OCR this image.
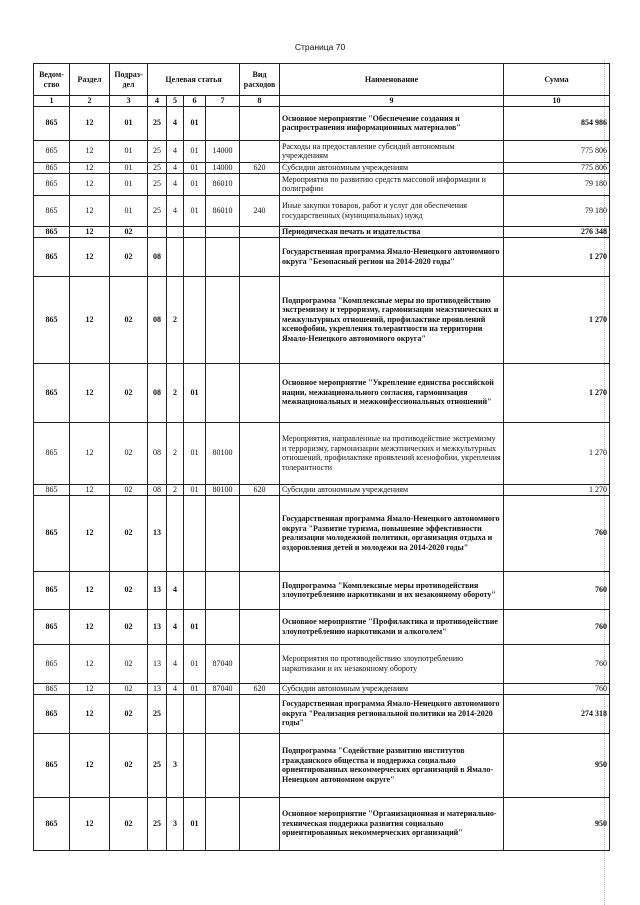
Страница 70
Ведом-ство	Раздел	Подраз-дел	Целевая статья				Вид расходов	Наименование	Сумма
1	2	3	4	5	6	7	8	9	10
865	12	01	25	4	01			Основное мероприятие "Обеспечение создания и распространения информационных материалов"	854 986
865	12	01	25	4	01	14000		Расходы на предоставление субсидий автономным учреждениям	775 806
865	12	01	25	4	01	14000	620	Субсидии автономным учреждениям	775 806
865	12	01	25	4	01	86010		Мероприятия по развитию средств массовой информации и полиграфии	79 180
865	12	01	25	4	01	86010	240	Иные закупки товаров, работ и услуг для обеспечения государственных (муниципальных) нужд	79 180
865	12	02						Периодическая печать и издательства	276 348
865	12	02	08					Государственная программа Ямало-Ненецкого автономного округа "Безопасный регион на 2014-2020 годы"	1 270
865	12	02	08	2				Подпрограмма "Комплексные меры по противодействию экстремизму и терроризму, гармонизации межэтнических и межкультурных отношений, профилактике проявлений ксенофобии, укрепления толерантности на территории Ямало-Ненецкого автономного округа"	1 270
865	12	02	08	2	01			Основное мероприятие "Укрепление единства российской нации, межнационального согласия, гармонизация межнациональных и межконфессиональных отношений"	1 270
865	12	02	08	2	01	80100		Мероприятия, направленные на противодействие экстремизму и терроризму, гармонизации межэтнических и межкультурных отношений, профилактике проявлений ксенофобии, укрепления толерантности	1 270
865	12	02	08	2	01	80100	620	Субсидии автономным учреждениям	1 270
865	12	02	13					Государственная программа Ямало-Ненецкого автономного округа "Развитие туризма, повышение эффективности реализации молодежной политики, организация отдыха и оздоровления детей и молодежи на 2014-2020 годы"	760
865	12	02	13	4				Подпрограмма "Комплексные меры противодействия злоупотреблению наркотиками и их незаконному обороту"	760
865	12	02	13	4	01			Основное мероприятие "Профилактика и противодействие злоупотреблению наркотиками и алкоголем"	760
865	12	02	13	4	01	87040		Мероприятия по противодействию злоупотреблению наркотиками и их незаконному обороту	760
865	12	02	13	4	01	87040	620	Субсидии автономным учреждениям	760
865	12	02	25					Государственная программа Ямало-Ненецкого автономного округа "Реализация региональной политики на 2014-2020 годы"	274 318
865	12	02	25	3				Подпрограмма "Содействие развитию институтов гражданского общества и поддержка социально ориентированных некоммерческих организаций в Ямало-Ненецком автономном округе"	950
865	12	02	25	3	01			Основное мероприятие "Организационная и материально-техническая поддержка развития социально ориентированных некоммерческих организаций"	950
